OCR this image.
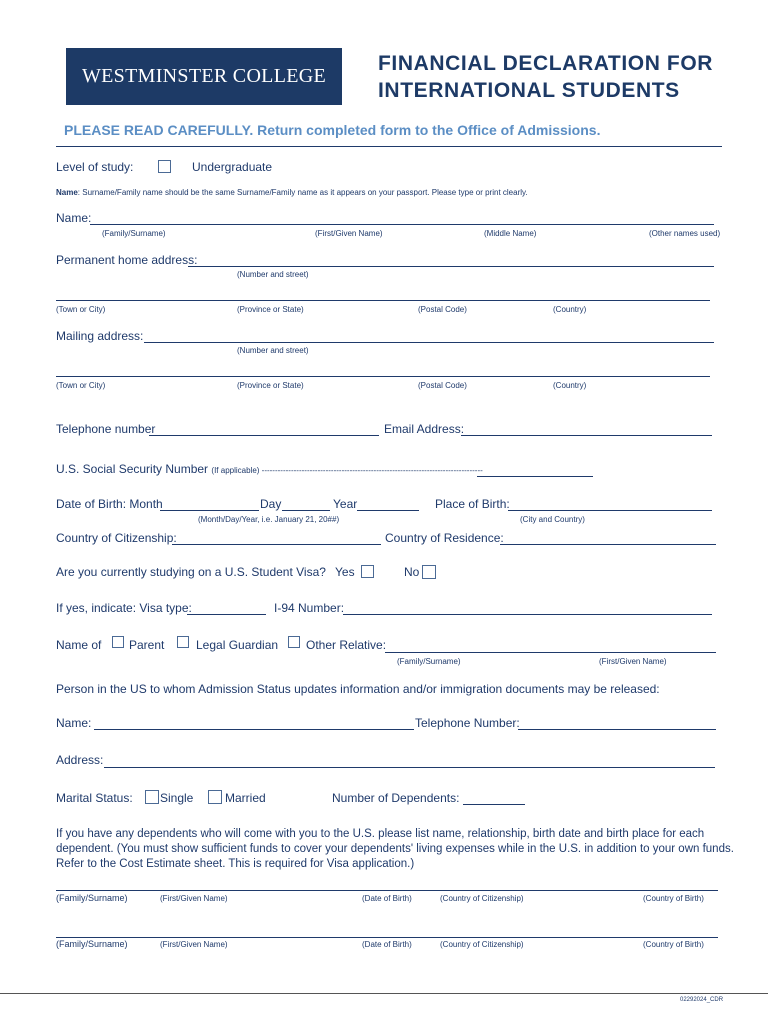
WESTMINSTER COLLEGE
FINANCIAL DECLARATION FOR
INTERNATIONAL STUDENTS
PLEASE READ CAREFULLY. Return completed form to the Office of Admissions.
Level of study:	Undergraduate
Name: Surname/Family name should be the same Surname/Family name as it appears on your passport. Please type or print clearly.
Name:
(Family/Surname)	(First/Given Name)	(Middle Name)	(Other names used)
Permanent home address:
(Number and street)
(Town or City)	(Province or State)	(Postal Code)	(Country)
Mailing address:
(Number and street)
(Town or City)	(Province or State)	(Postal Code)	(Country)
Telephone number	Email Address:
U.S. Social Security Number (If applicable) -----------------------------------------------------------------------------------
Date of Birth: Month	Day	Year	Place of Birth:
(Month/Day/Year, i.e. January 21, 20##)	(City and Country)
Country of Citizenship:	Country of Residence:
Are you currently studying on a U.S. Student Visa? Yes	No
If yes, indicate: Visa type:	I-94 Number:
Name of Parent	Legal Guardian Other Relative:
(Family/Surname)	(First/Given Name)
Person in the US to whom Admission Status updates information and/or immigration documents may be released:
Name:	Telephone Number:
Address:
Marital Status: Single	Married	Number of Dependents:
If you have any dependents who will come with you to the U.S. please list name, relationship, birth date and birth place for each
dependent. (You must show sufficient funds to cover your dependents' living expenses while in the U.S. in addition to your own funds.
Refer to the Cost Estimate sheet. This is required for Visa application.)
(Family/Surname)	(First/Given Name)	(Date of Birth)	(Country of Citizenship)	(Country of Birth)
(Family/Surname)	(First/Given Name)	(Date of Birth)	(Country of Citizenship)	(Country of Birth)
02292024_CDR
